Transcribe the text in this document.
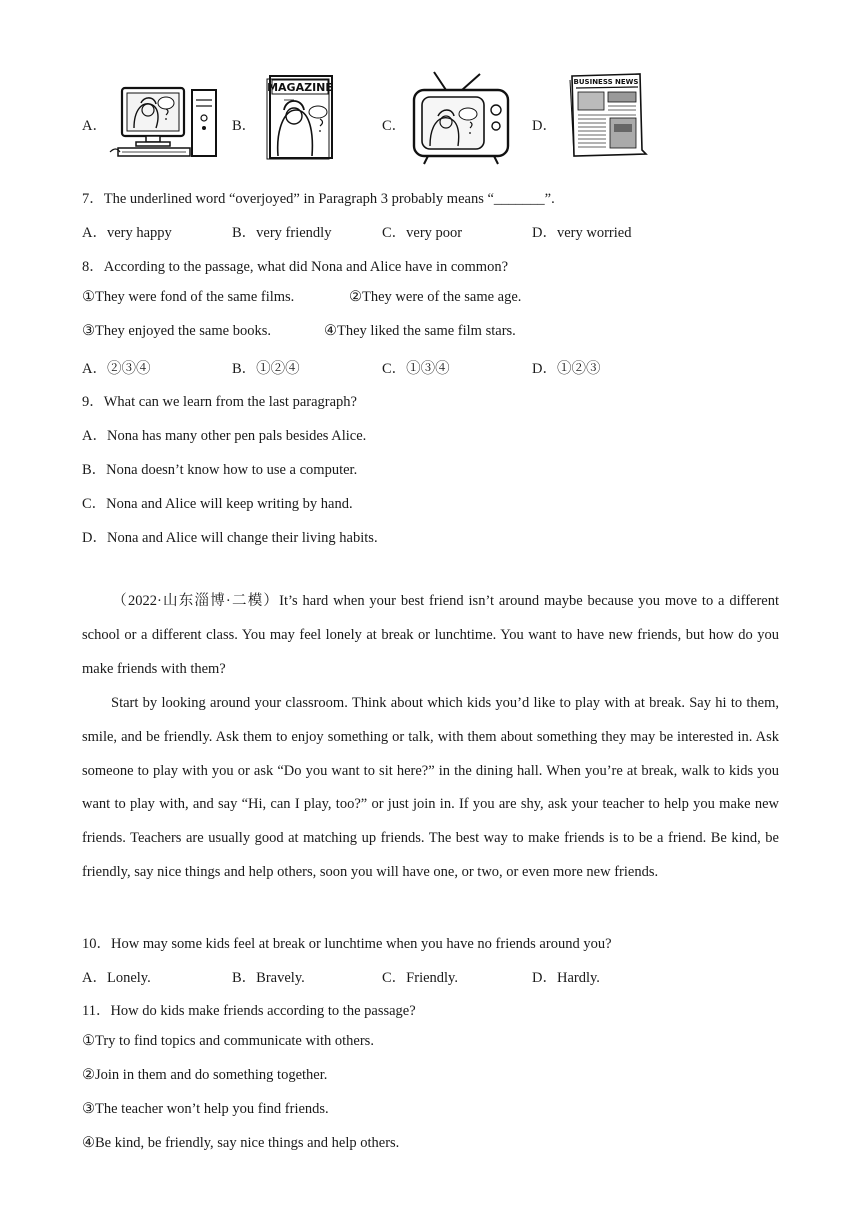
A．	B．
MAGAZINE
C．	D．
BUSINESS NEWS
7．The underlined word “overjoyed” in Paragraph 3 probably means “_______”.
A．very happy	B．very friendly	C．very poor	D．very worried
8．According to the passage, what did Nona and Alice have in common?
①They were fond of the same films.	②They were of the same age.
③They enjoyed the same books.	④They liked the same film stars.
A．②③④	B．①②④	C．①③④	D．①②③
9．What can we learn from the last paragraph?
A．Nona has many other pen pals besides Alice.
B．Nona doesn’t know how to use a computer.
C．Nona and Alice will keep writing by hand.
D．Nona and Alice will change their living habits.
（2022·山东淄博·二模）It’s hard when your best friend isn’t around maybe because you move to a different school or a different class. You may feel lonely at break or lunchtime. You want to have new friends, but how do you make friends with them?
Start by looking around your classroom. Think about which kids you’d like to play with at break. Say hi to them, smile, and be friendly. Ask them to enjoy something or talk, with them about something they may be interested in. Ask someone to play with you or ask “Do you want to sit here?” in the dining hall. When you’re at break, walk to kids you want to play with, and say “Hi, can I play, too?” or just join in. If you are shy, ask your teacher to help you make new friends. Teachers are usually good at matching up friends. The best way to make friends is to be a friend. Be kind, be friendly, say nice things and help others, soon you will have one, or two, or even more new friends.
10．How may some kids feel at break or lunchtime when you have no friends around you?
A．Lonely.	B．Bravely.	C．Friendly.	D．Hardly.
11．How do kids make friends according to the passage?
①Try to find topics and communicate with others.
②Join in them and do something together.
③The teacher won’t help you find friends.
④Be kind, be friendly, say nice things and help others.
